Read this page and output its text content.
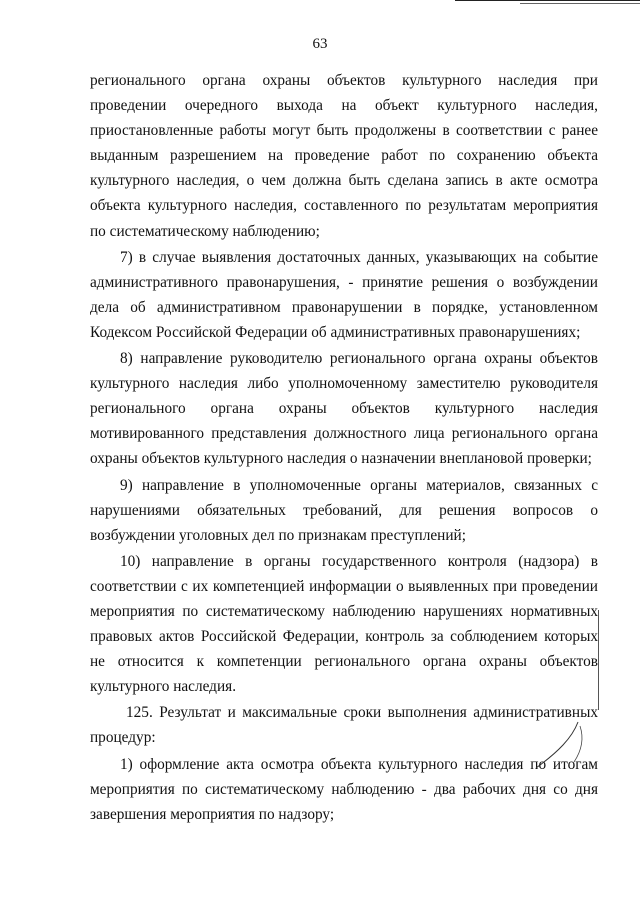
63

регионального органа охраны объектов культурного наследия при проведении очередного выхода на объект культурного наследия, приостановленные работы могут быть продолжены в соответствии с ранее выданным разрешением на проведение работ по сохранению объекта культурного наследия, о чем должна быть сделана запись в акте осмотра объекта культурного наследия, составленного по результатам мероприятия по систематическому наблюдению;

7) в случае выявления достаточных данных, указывающих на событие административного правонарушения, - принятие решения о возбуждении дела об административном правонарушении в порядке, установленном Кодексом Российской Федерации об административных правонарушениях;

8) направление руководителю регионального органа охраны объектов культурного наследия либо уполномоченному заместителю руководителя регионального органа охраны объектов культурного наследия мотивированного представления должностного лица регионального органа охраны объектов культурного наследия о назначении внеплановой проверки;

9) направление в уполномоченные органы материалов, связанных с нарушениями обязательных требований, для решения вопросов о возбуждении уголовных дел по признакам преступлений;

10) направление в органы государственного контроля (надзора) в соответствии с их компетенцией информации о выявленных при проведении мероприятия по систематическому наблюдению нарушениях нормативных правовых актов Российской Федерации, контроль за соблюдением которых не относится к компетенции регионального органа охраны объектов культурного наследия.

125. Результат и максимальные сроки выполнения административных процедур:

1) оформление акта осмотра объекта культурного наследия по итогам мероприятия по систематическому наблюдению - два рабочих дня со дня завершения мероприятия по надзору;
